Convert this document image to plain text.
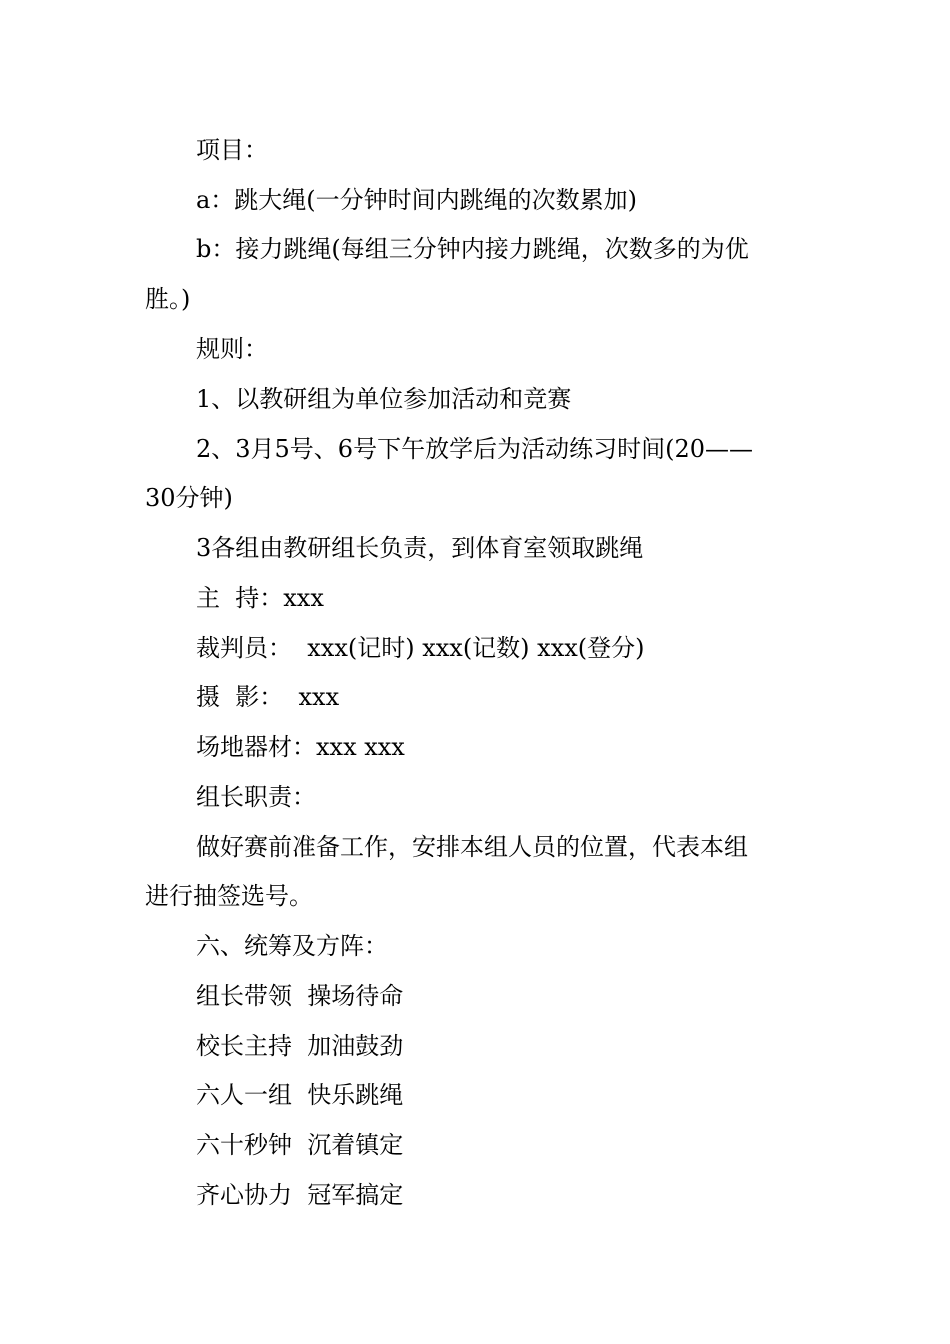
项目：
a：跳大绳(一分钟时间内跳绳的次数累加)
b：接力跳绳(每组三分钟内接力跳绳，次数多的为优
胜。)
规则：
1、以教研组为单位参加活动和竞赛
2、3月5号、6号下午放学后为活动练习时间(20——
30分钟)
3各组由教研组长负责，到体育室领取跳绳
主  持：xxx
裁判员：  xxx(记时) xxx(记数) xxx(登分)
摄  影：  xxx
场地器材：xxx xxx
组长职责：
做好赛前准备工作，安排本组人员的位置，代表本组
进行抽签选号。
六、统筹及方阵：
组长带领  操场待命
校长主持  加油鼓劲
六人一组  快乐跳绳
六十秒钟  沉着镇定
齐心协力  冠军搞定
